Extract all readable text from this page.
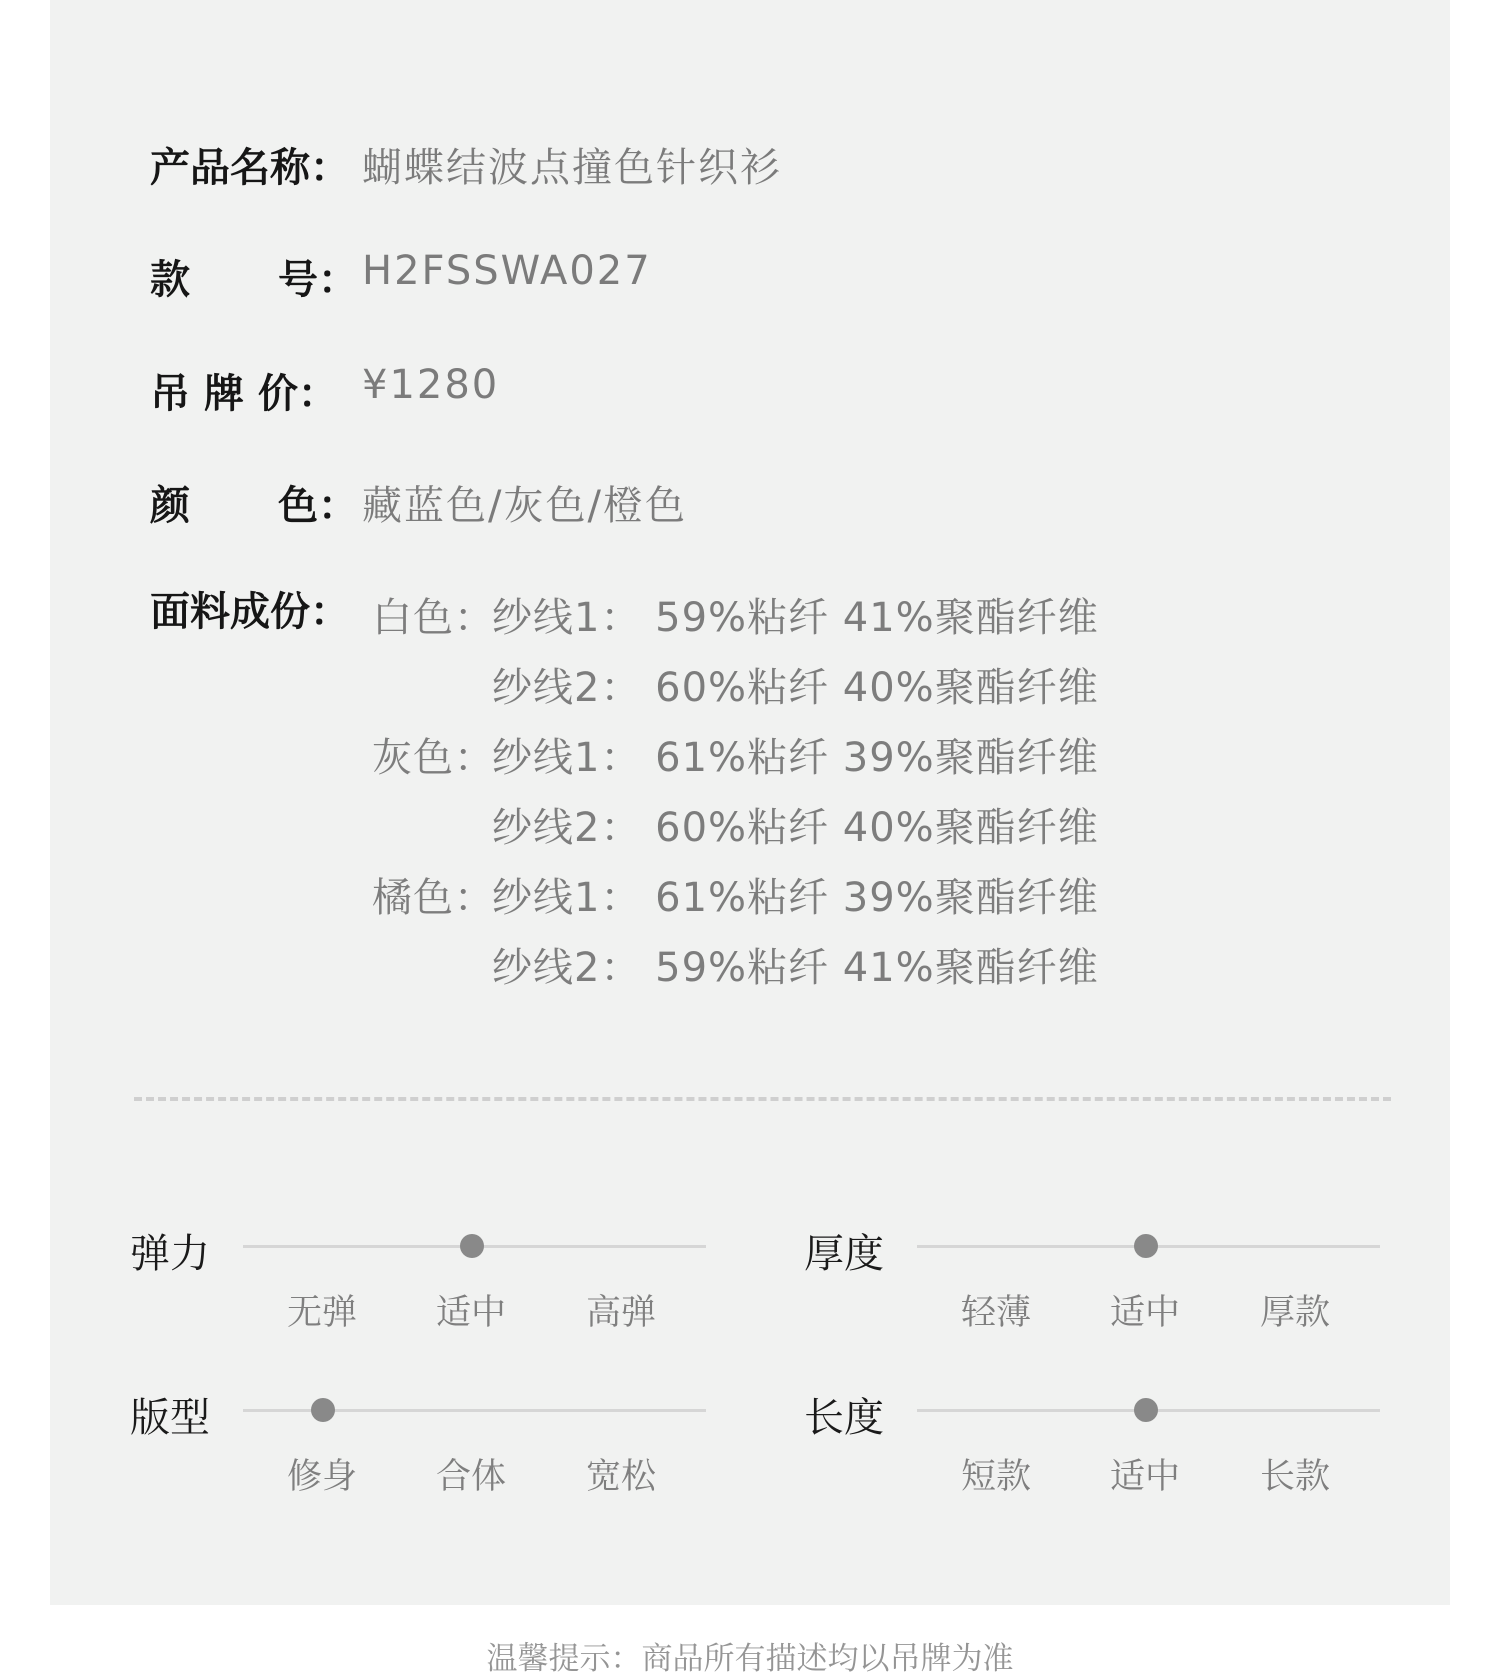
产品名称： 蝴蝶结波点撞色针织衫
款 号： H2FSSWA027
吊 牌 价： ¥1280
颜 色： 藏蓝色/灰色/橙色
面料成份： 白色：
纱线1： 59%粘纤 41%聚酯纤维
纱线2： 60%粘纤 40%聚酯纤维
灰色：
纱线1： 61%粘纤 39%聚酯纤维
纱线2： 60%粘纤 40%聚酯纤维
橘色：
纱线1： 61%粘纤 39%聚酯纤维
纱线2： 59%粘纤 41%聚酯纤维
弹力
无弹 适中 高弹
厚度
轻薄 适中 厚款
版型
修身 合体 宽松
长度
短款 适中 长款
温馨提示：商品所有描述均以吊牌为准
